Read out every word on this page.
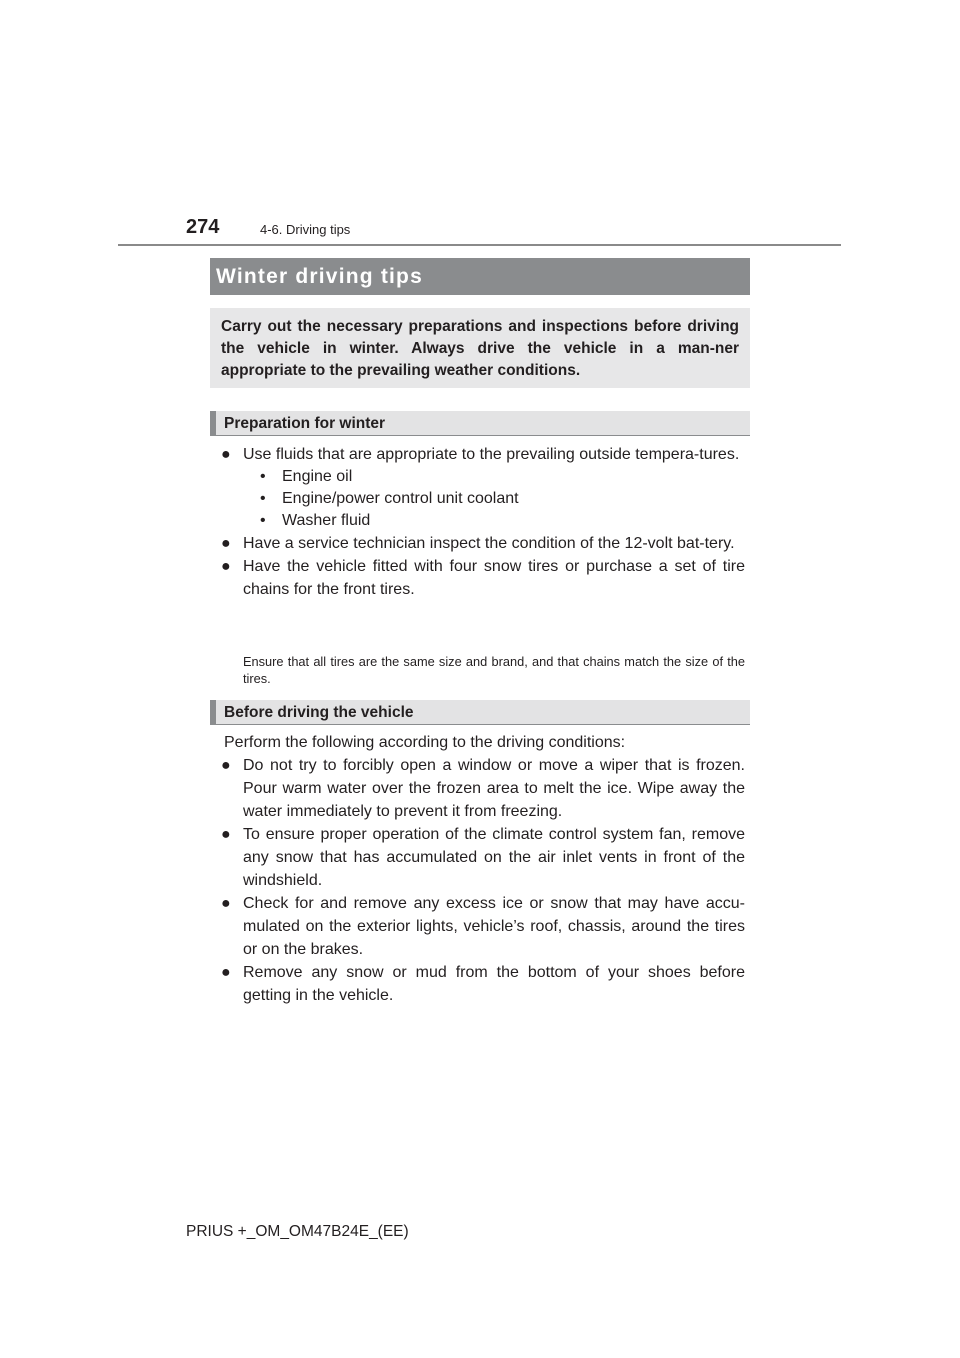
274	4-6. Driving tips
Winter driving tips
Carry out the necessary preparations and inspections before driving the vehicle in winter. Always drive the vehicle in a man-ner appropriate to the prevailing weather conditions.
Preparation for winter
● Use fluids that are appropriate to the prevailing outside tempera-tures.
• Engine oil
• Engine/power control unit coolant
• Washer fluid
● Have a service technician inspect the condition of the 12-volt bat-tery.
● Have the vehicle fitted with four snow tires or purchase a set of tire chains for the front tires.
Ensure that all tires are the same size and brand, and that chains match the size of the tires.
Before driving the vehicle
Perform the following according to the driving conditions:
● Do not try to forcibly open a window or move a wiper that is frozen. Pour warm water over the frozen area to melt the ice. Wipe away the water immediately to prevent it from freezing.
● To ensure proper operation of the climate control system fan, remove any snow that has accumulated on the air inlet vents in front of the windshield.
● Check for and remove any excess ice or snow that may have accu-mulated on the exterior lights, vehicle’s roof, chassis, around the tires or on the brakes.
● Remove any snow or mud from the bottom of your shoes before getting in the vehicle.
PRIUS +_OM_OM47B24E_(EE)
